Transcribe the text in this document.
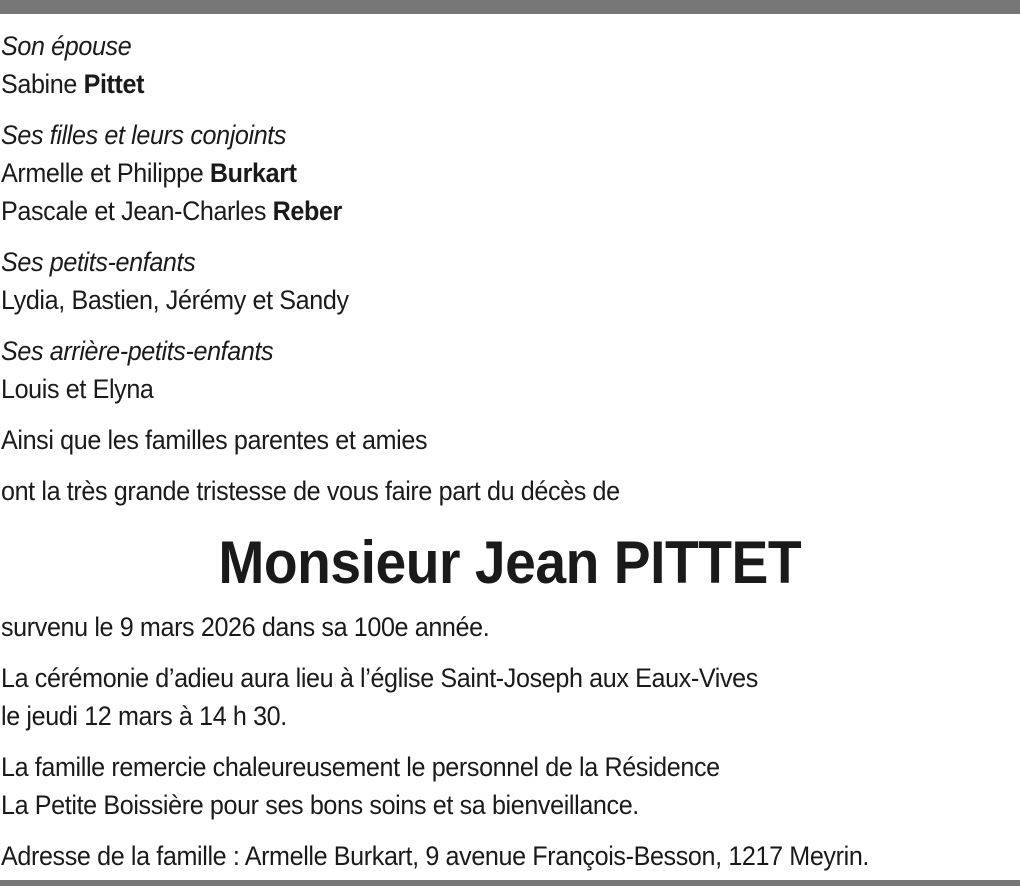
Son épouse
Sabine Pittet
Ses filles et leurs conjoints
Armelle et Philippe Burkart
Pascale et Jean-Charles Reber
Ses petits-enfants
Lydia, Bastien, Jérémy et Sandy
Ses arrière-petits-enfants
Louis et Elyna
Ainsi que les familles parentes et amies
ont la très grande tristesse de vous faire part du décès de
Monsieur Jean PITTET
survenu le 9 mars 2026 dans sa 100e année.
La cérémonie d’adieu aura lieu à l’église Saint-Joseph aux Eaux-Vives
le jeudi 12 mars à 14 h 30.
La famille remercie chaleureusement le personnel de la Résidence
La Petite Boissière pour ses bons soins et sa bienveillance.
Adresse de la famille : Armelle Burkart, 9 avenue François-Besson, 1217 Meyrin.
